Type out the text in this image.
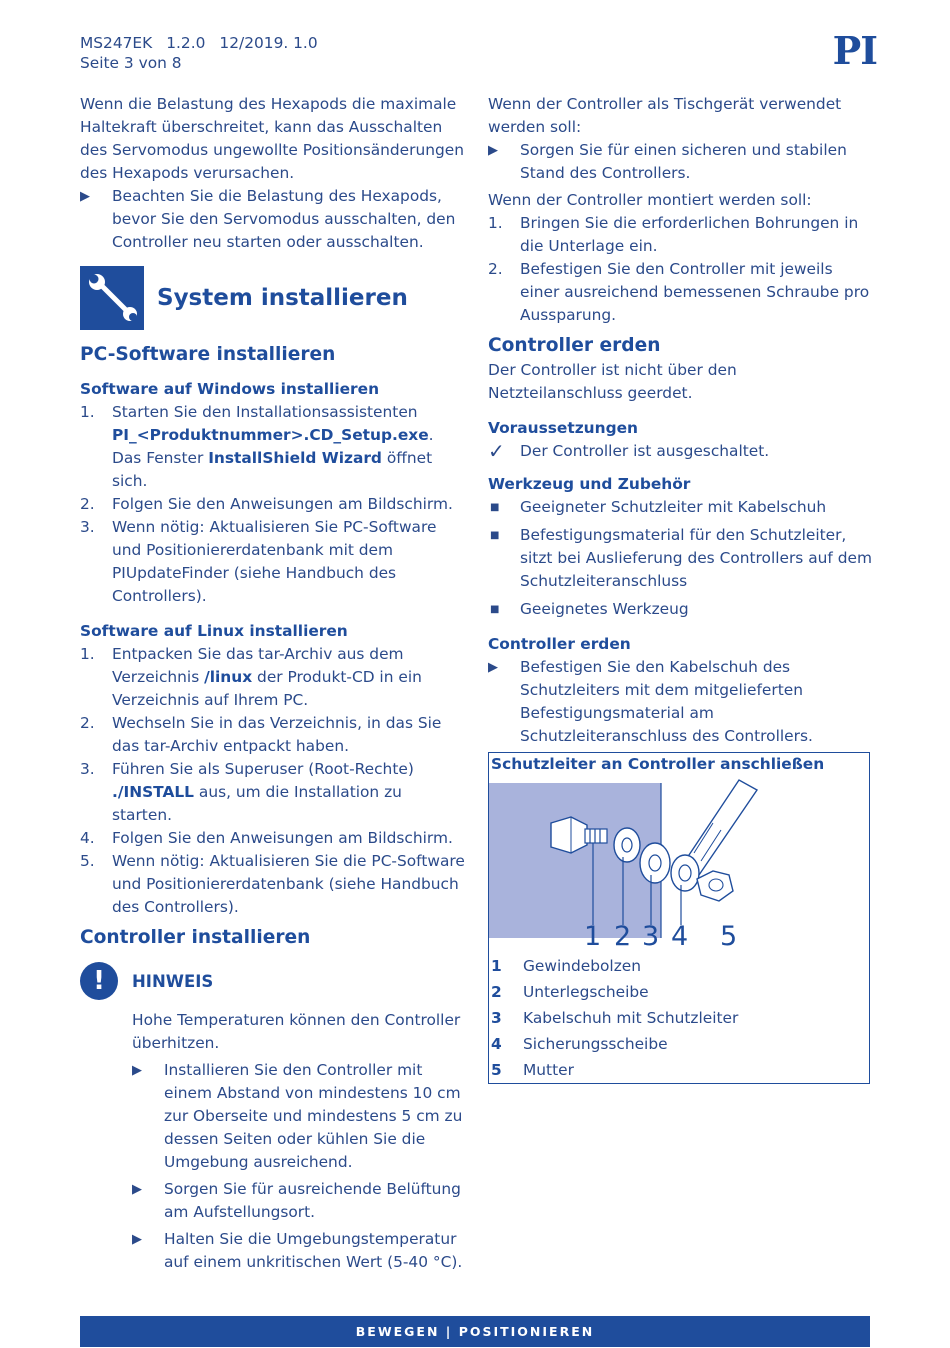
MS247EK 1.2.0 12/2019. 1.0
Seite 3 von 8	PI

Wenn die Belastung des Hexapods die maximale Haltekraft überschreitet, kann das Ausschalten des Servomodus ungewollte Positionsänderungen des Hexapods verursachen.

▶	Beachten Sie die Belastung des Hexapods, bevor Sie den Servomodus ausschalten, den Controller neu starten oder ausschalten.
System installieren
PC-Software installieren
Software auf Windows installieren
1.	Starten Sie den Installationsassistenten
PI_<Produktnummer>.CD_Setup.exe.
Das Fenster InstallShield Wizard öffnet sich.
2.	Folgen Sie den Anweisungen am Bildschirm.
3.	Wenn nötig: Aktualisieren Sie PC-Software und Positioniererdatenbank mit dem PIUpdateFinder (siehe Handbuch des Controllers).
Software auf Linux installieren
1.	Entpacken Sie das tar-Archiv aus dem Verzeichnis /linux der Produkt-CD in ein Verzeichnis auf Ihrem PC.
2.	Wechseln Sie in das Verzeichnis, in das Sie das tar-Archiv entpackt haben.
3.	Führen Sie als Superuser (Root-Rechte) ./INSTALL aus, um die Installation zu starten.
4.	Folgen Sie den Anweisungen am Bildschirm.
5.	Wenn nötig: Aktualisieren Sie die PC-Software und Positioniererdatenbank (siehe Handbuch des Controllers).
Controller installieren
!	HINWEIS

Hohe Temperaturen können den Controller überhitzen.

▶	Installieren Sie den Controller mit einem Abstand von mindestens 10 cm zur Oberseite und mindestens 5 cm zu dessen Seiten oder kühlen Sie die Umgebung ausreichend.
▶	Sorgen Sie für ausreichende Belüftung am Aufstellungsort.
▶	Halten Sie die Umgebungstemperatur auf einem unkritischen Wert (5-40 °C).

Wenn der Controller als Tischgerät verwendet werden soll:

▶	Sorgen Sie für einen sicheren und stabilen Stand des Controllers.

Wenn der Controller montiert werden soll:

1.	Bringen Sie die erforderlichen Bohrungen in die Unterlage ein.
2.	Befestigen Sie den Controller mit jeweils einer ausreichend bemessenen Schraube pro Aussparung.
Controller erden

Der Controller ist nicht über den Netzteilanschluss geerdet.

Voraussetzungen
✓ Der Controller ist ausgeschaltet.
Werkzeug und Zubehör
■	Geeigneter Schutzleiter mit Kabelschuh
■	Befestigungsmaterial für den Schutzleiter, sitzt bei Auslieferung des Controllers auf dem Schutzleiteranschluss
■	Geeignetes Werkzeug
Controller erden
▶	Befestigen Sie den Kabelschuh des Schutzleiters mit dem mitgelieferten Befestigungsmaterial am Schutzleiteranschluss des Controllers.
Schutzleiter an Controller anschließen
1 2 3 4 5
1	Gewindebolzen
2	Unterlegscheibe
3	Kabelschuh mit Schutzleiter
4	Sicherungsscheibe
5	Mutter
BEWEGEN | POSITIONIEREN
